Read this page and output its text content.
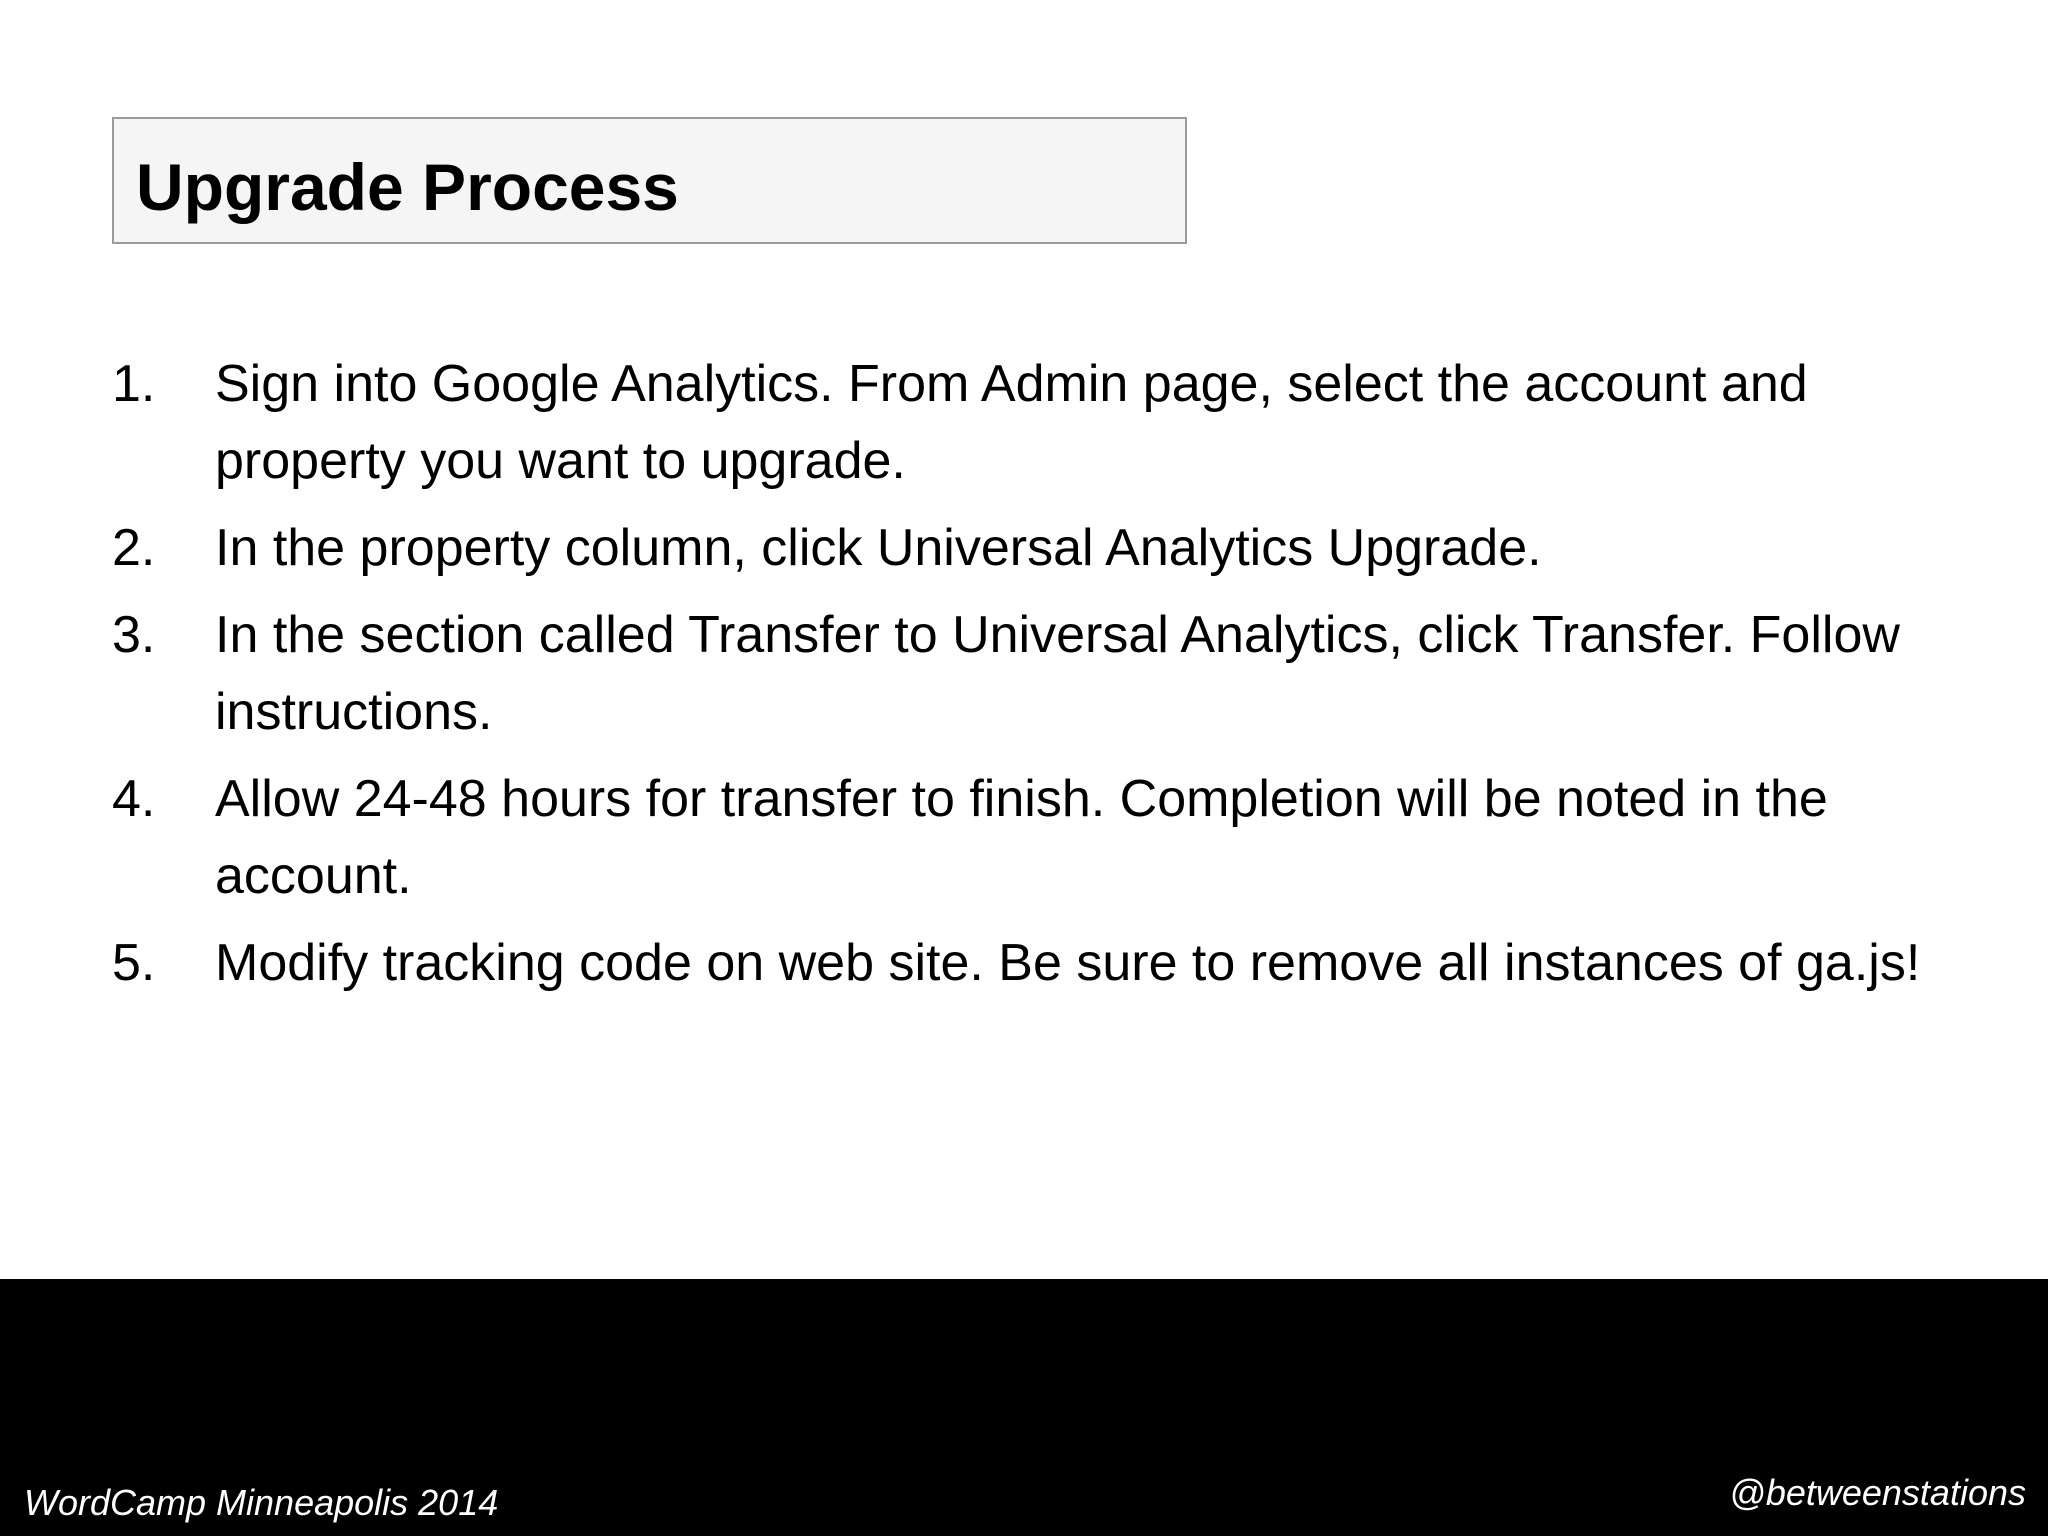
Upgrade Process
1. Sign into Google Analytics. From Admin page, select the account and property you want to upgrade.
2. In the property column, click Universal Analytics Upgrade.
3. In the section called Transfer to Universal Analytics, click Transfer. Follow instructions.
4. Allow 24-48 hours for transfer to finish. Completion will be noted in the account.
5. Modify tracking code on web site. Be sure to remove all instances of ga.js!
WordCamp Minneapolis 2014	@betweenstations
